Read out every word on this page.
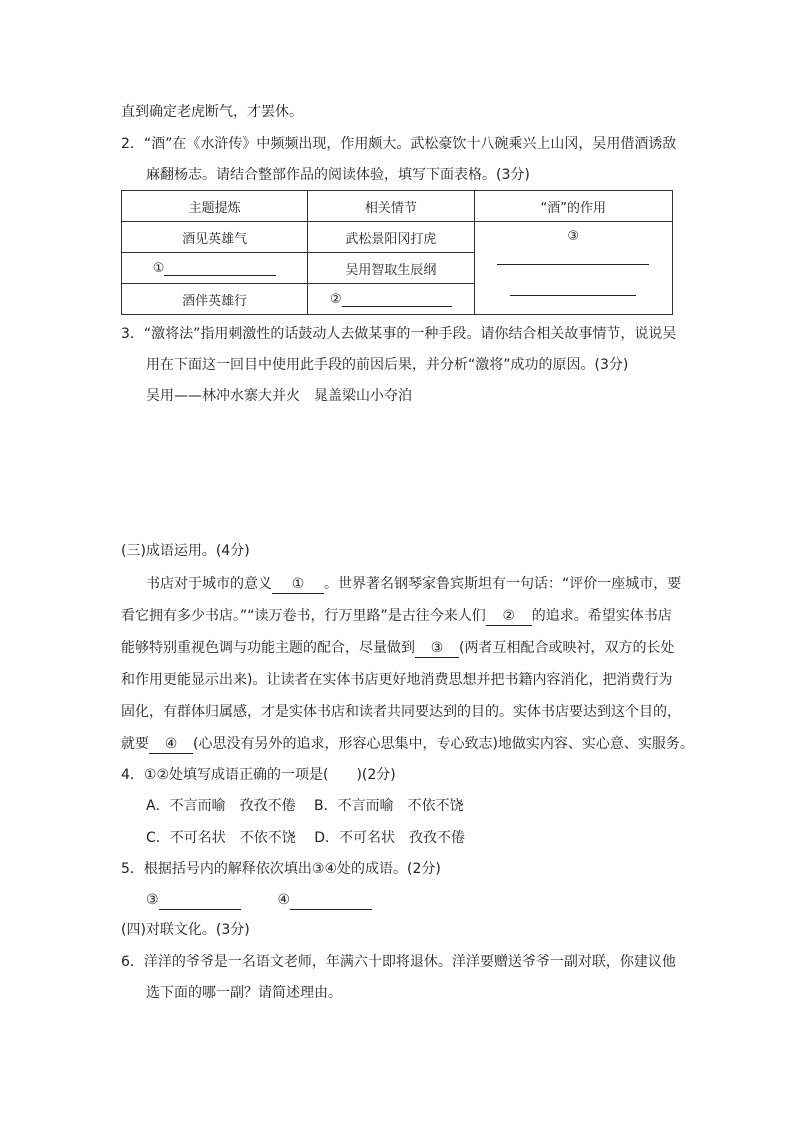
直到确定老虎断气，才罢休。
2．“酒”在《水浒传》中频频出现，作用颇大。武松豪饮十八碗乘兴上山冈，吴用借酒诱敌
麻翻杨志。请结合整部作品的阅读体验，填写下面表格。(3分)
主题提炼	相关情节	“酒”的作用
酒见英雄气	武松景阳冈打虎	③

①	吴用智取生辰纲	
酒伴英雄行	②	
3．“激将法”指用刺激性的话鼓动人去做某事的一种手段。请你结合相关故事情节，说说吴
用在下面这一回目中使用此手段的前因后果，并分析“激将”成功的原因。(3分)
吴用——林冲水寨大并火　晁盖梁山小夺泊
(三)成语运用。(4分)
书店对于城市的意义 ① 。世界著名钢琴家鲁宾斯坦有一句话：“评价一座城市，要
看它拥有多少书店。”“读万卷书，行万里路”是古往今来人们 ② 的追求。希望实体书店
能够特别重视色调与功能主题的配合，尽量做到 ③ (两者互相配合或映衬，双方的长处
和作用更能显示出来)。让读者在实体书店更好地消费思想并把书籍内容消化，把消费行为
固化，有群体归属感，才是实体书店和读者共同要达到的目的。实体书店要达到这个目的，
就要 ④ (心思没有另外的追求，形容心思集中，专心致志)地做实内容、实心意、实服务。
4．①②处填写成语正确的一项是(　　)(2分)
A．不言而喻　孜孜不倦　 B．不言而喻　不依不饶
C．不可名状　不依不饶　 D．不可名状　孜孜不倦
5．根据括号内的解释依次填出③④处的成语。(2分)
③	④
(四)对联文化。(3分)
6．洋洋的爷爷是一名语文老师，年满六十即将退休。洋洋要赠送爷爷一副对联，你建议他
选下面的哪一副？请简述理由。
